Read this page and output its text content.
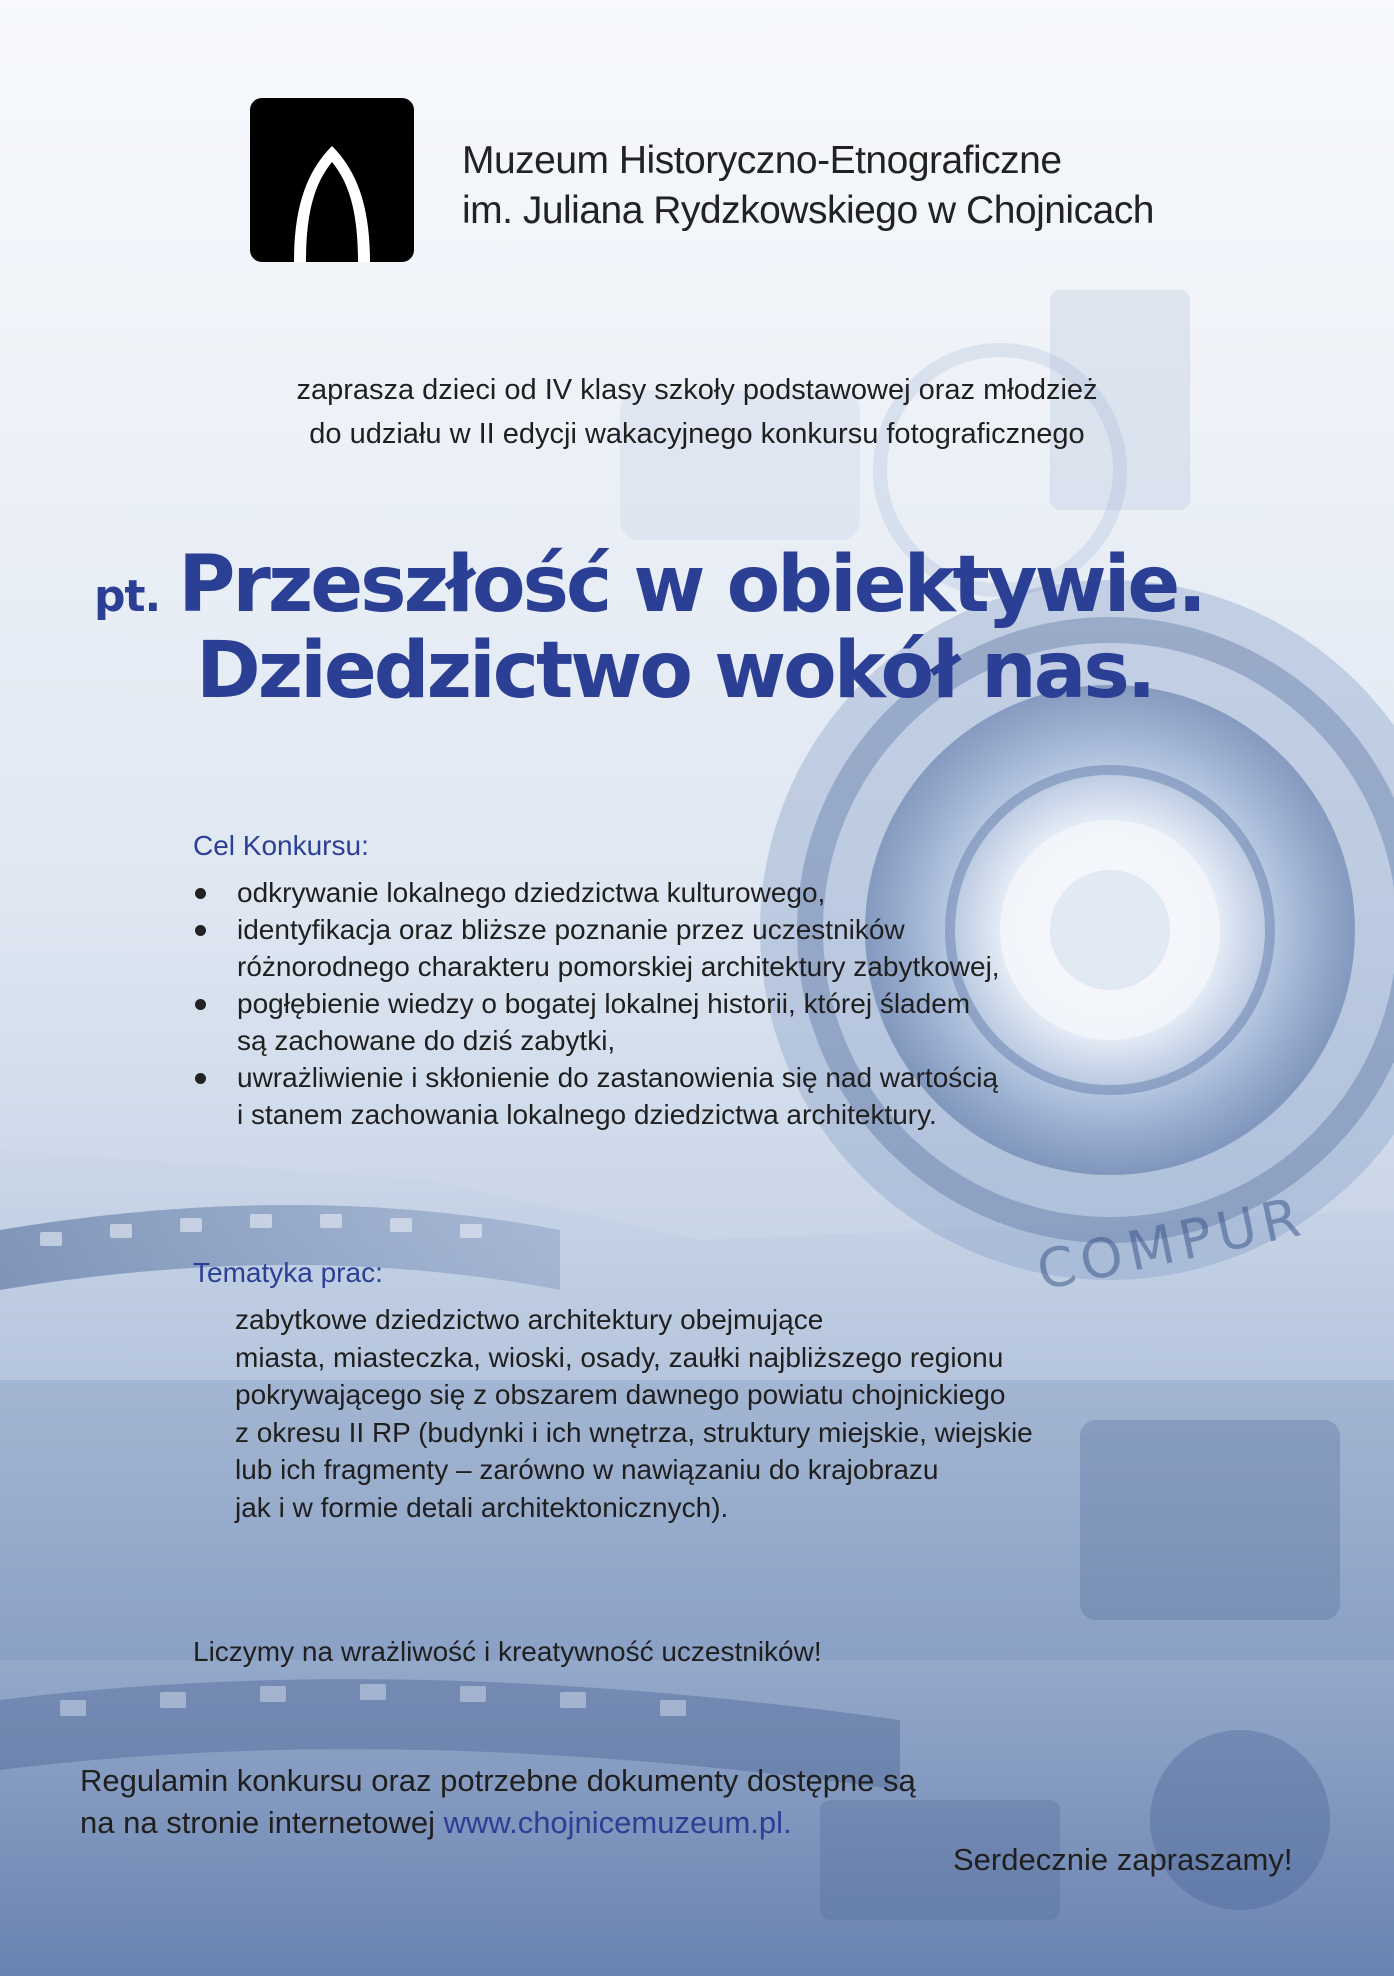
COMPUR
Muzeum Historyczno-Etnograficzne
im. Juliana Rydzkowskiego w Chojnicach
zaprasza dzieci od IV klasy szkoły podstawowej oraz młodzież
do udziału w II edycji wakacyjnego konkursu fotograficznego
pt. Przeszłość w obiektywie.
Dziedzictwo wokół nas.
Cel Konkursu:
odkrywanie lokalnego dziedzictwa kulturowego,
identyfikacja oraz bliższe poznanie przez uczestników
różnorodnego charakteru pomorskiej architektury zabytkowej,
pogłębienie wiedzy o bogatej lokalnej historii, której śladem
są zachowane do dziś zabytki,
uwrażliwienie i skłonienie do zastanowienia się nad wartością
i stanem zachowania lokalnego dziedzictwa architektury.
Tematyka prac:
zabytkowe dziedzictwo architektury obejmujące
miasta, miasteczka, wioski, osady, zaułki najbliższego regionu
pokrywającego się z obszarem dawnego powiatu chojnickiego
z okresu II RP (budynki i ich wnętrza, struktury miejskie, wiejskie
lub ich fragmenty – zarówno w nawiązaniu do krajobrazu
jak i w formie detali architektonicznych).
Liczymy na wrażliwość i kreatywność uczestników!
Regulamin konkursu oraz potrzebne dokumenty dostępne są
na na stronie internetowej www.chojnicemuzeum.pl.
Serdecznie zapraszamy!
